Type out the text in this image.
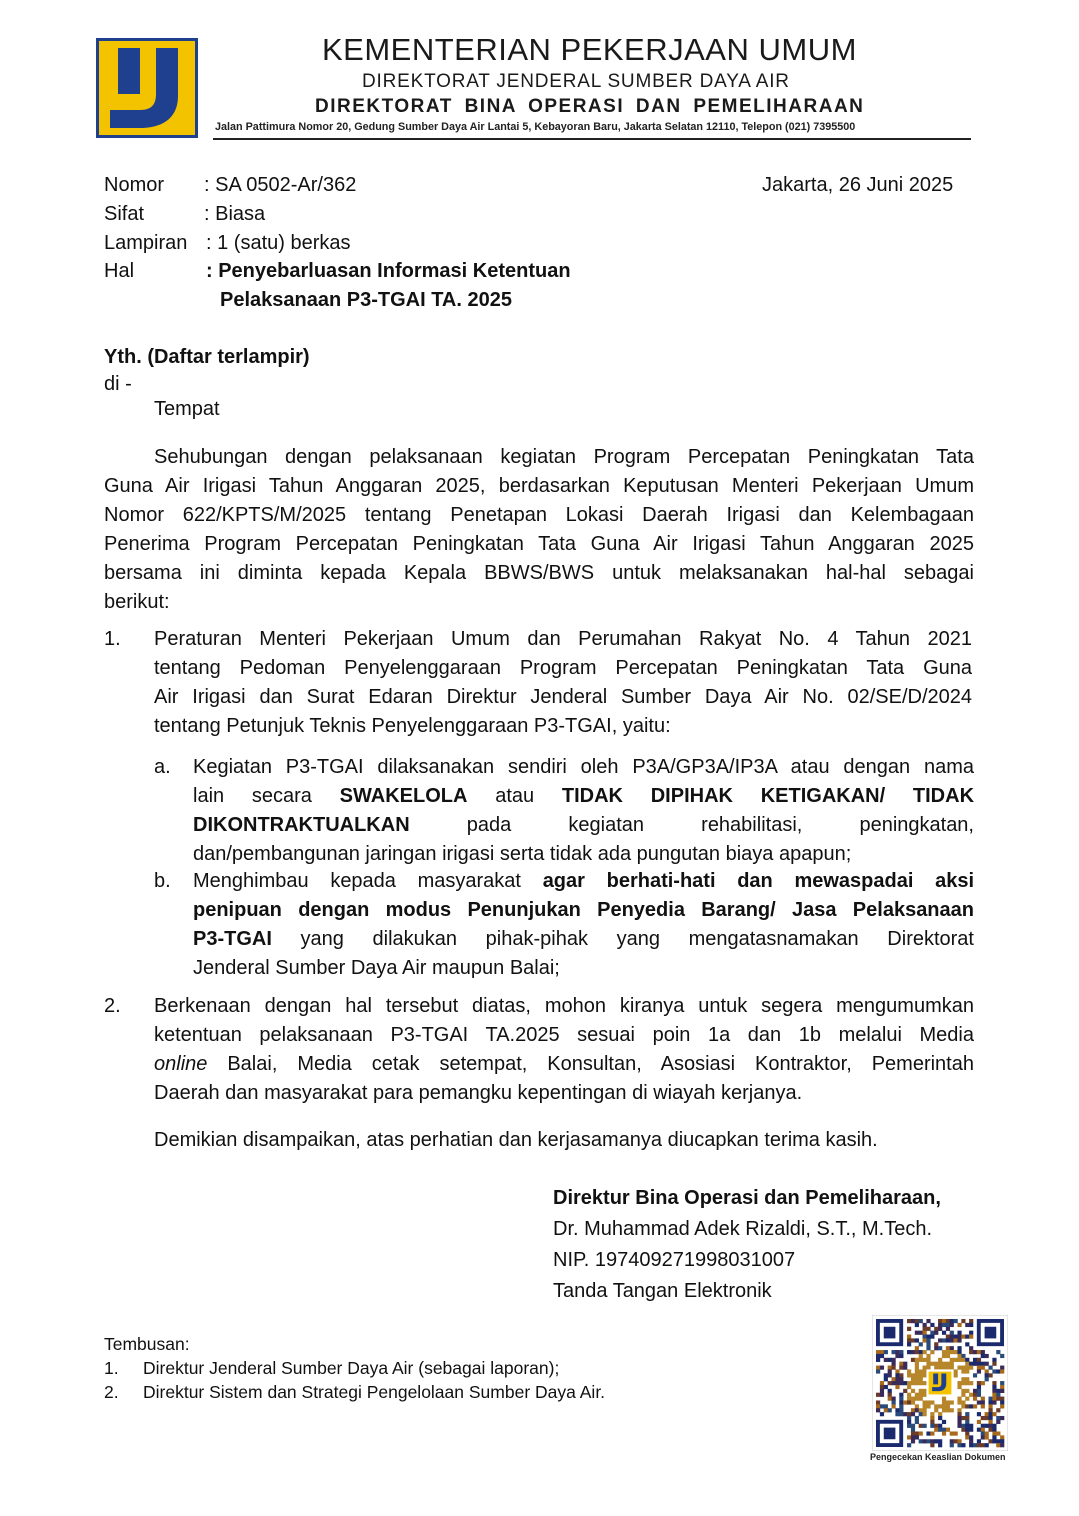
KEMENTERIAN PEKERJAAN UMUM
DIREKTORAT JENDERAL SUMBER DAYA AIR
DIREKTORAT BINA OPERASI DAN PEMELIHARAAN
Jalan Pattimura Nomor 20, Gedung Sumber Daya Air Lantai 5, Kebayoran Baru, Jakarta Selatan 12110, Telepon (021) 7395500
Nomor : SA 0502-Ar/362	Jakarta, 26 Juni 2025
Sifat	: Biasa
Lampiran : 1 (satu) berkas
Hal	: Penyebarluasan Informasi Ketentuan
Pelaksanaan P3-TGAI TA. 2025
Yth. (Daftar terlampir)
di -
Tempat
Sehubungan dengan pelaksanaan kegiatan Program Percepatan Peningkatan Tata
Guna Air Irigasi Tahun Anggaran 2025, berdasarkan Keputusan Menteri Pekerjaan Umum
Nomor 622/KPTS/M/2025 tentang Penetapan Lokasi Daerah Irigasi dan Kelembagaan
Penerima Program Percepatan Peningkatan Tata Guna Air Irigasi Tahun Anggaran 2025
bersama ini diminta kepada Kepala BBWS/BWS untuk melaksanakan hal-hal sebagai
berikut:
1. Peraturan Menteri Pekerjaan Umum dan Perumahan Rakyat No. 4 Tahun 2021
tentang Pedoman Penyelenggaraan Program Percepatan Peningkatan Tata Guna
Air Irigasi dan Surat Edaran Direktur Jenderal Sumber Daya Air No. 02/SE/D/2024
tentang Petunjuk Teknis Penyelenggaraan P3-TGAI, yaitu:
a. Kegiatan P3-TGAI dilaksanakan sendiri oleh P3A/GP3A/IP3A atau dengan nama
lain secara SWAKELOLA atau TIDAK DIPIHAK KETIGAKAN/ TIDAK
DIKONTRAKTUALKAN pada kegiatan rehabilitasi, peningkatan,
dan/pembangunan jaringan irigasi serta tidak ada pungutan biaya apapun;
b. Menghimbau kepada masyarakat agar berhati-hati dan mewaspadai aksi
penipuan dengan modus Penunjukan Penyedia Barang/ Jasa Pelaksanaan
P3-TGAI yang dilakukan pihak-pihak yang mengatasnamakan Direktorat
Jenderal Sumber Daya Air maupun Balai;
2. Berkenaan dengan hal tersebut diatas, mohon kiranya untuk segera mengumumkan
ketentuan pelaksanaan P3-TGAI TA.2025 sesuai poin 1a dan 1b melalui Media
online Balai, Media cetak setempat, Konsultan, Asosiasi Kontraktor, Pemerintah
Daerah dan masyarakat para pemangku kepentingan di wiayah kerjanya.
Demikian disampaikan, atas perhatian dan kerjasamanya diucapkan terima kasih.
Direktur Bina Operasi dan Pemeliharaan,
Dr. Muhammad Adek Rizaldi, S.T., M.Tech.
NIP. 197409271998031007
Tanda Tangan Elektronik
Tembusan:
1. Direktur Jenderal Sumber Daya Air (sebagai laporan);
2. Direktur Sistem dan Strategi Pengelolaan Sumber Daya Air.
Pengecekan Keaslian Dokumen
